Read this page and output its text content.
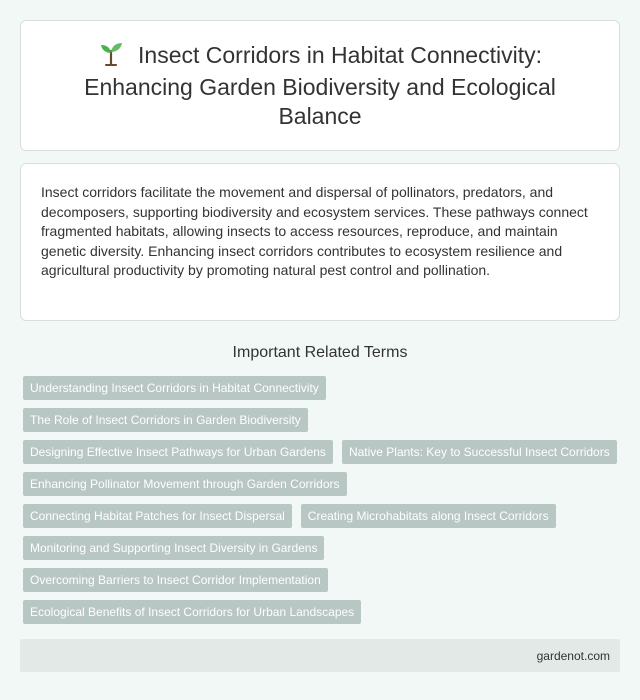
Insect Corridors in Habitat Connectivity: Enhancing Garden Biodiversity and Ecological Balance

Insect corridors facilitate the movement and dispersal of pollinators, predators, and decomposers, supporting biodiversity and ecosystem services. These pathways connect fragmented habitats, allowing insects to access resources, reproduce, and maintain genetic diversity. Enhancing insect corridors contributes to ecosystem resilience and agricultural productivity by promoting natural pest control and pollination.

Important Related Terms
Understanding Insect Corridors in Habitat Connectivity
The Role of Insect Corridors in Garden Biodiversity
Designing Effective Insect Pathways for Urban Gardens	Native Plants: Key to Successful Insect Corridors
Enhancing Pollinator Movement through Garden Corridors
Connecting Habitat Patches for Insect Dispersal	Creating Microhabitats along Insect Corridors
Monitoring and Supporting Insect Diversity in Gardens
Overcoming Barriers to Insect Corridor Implementation
Ecological Benefits of Insect Corridors for Urban Landscapes
gardenot.com
